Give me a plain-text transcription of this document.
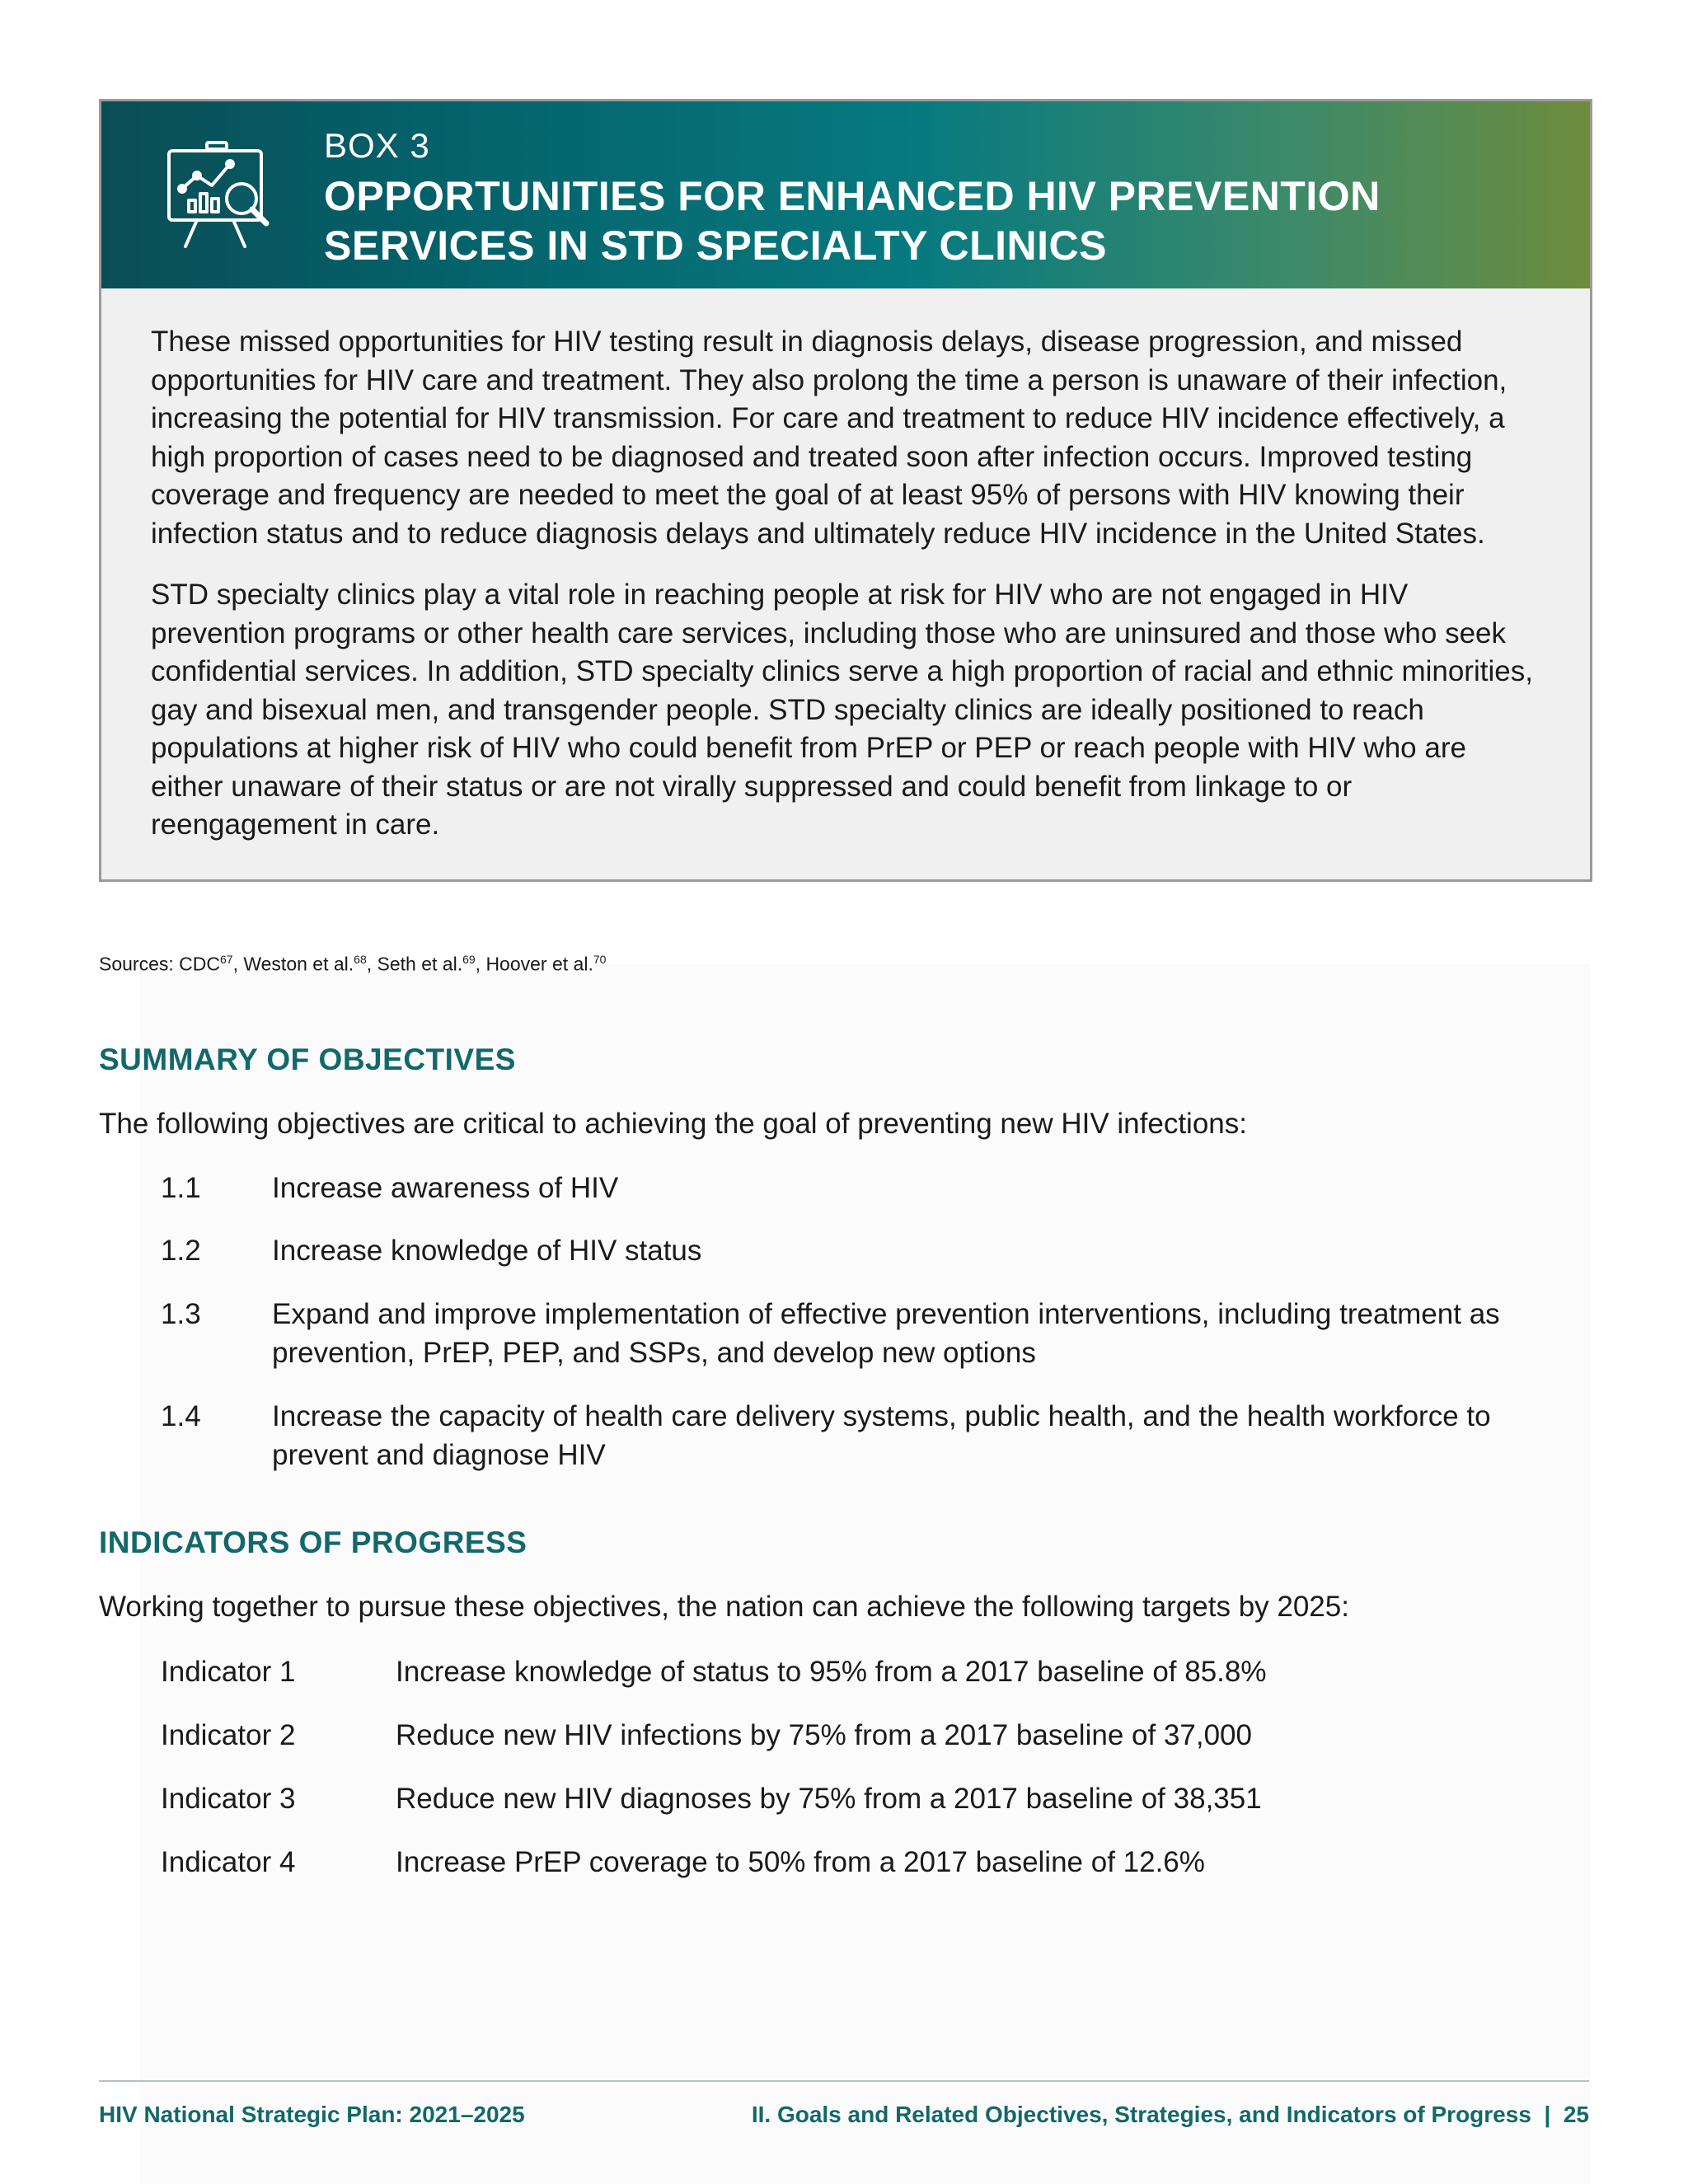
BOX 3
OPPORTUNITIES FOR ENHANCED HIV PREVENTION
SERVICES IN STD SPECIALTY CLINICS

These missed opportunities for HIV testing result in diagnosis delays, disease progression, and missed opportunities for HIV care and treatment. They also prolong the time a person is unaware of their infection, increasing the potential for HIV transmission. For care and treatment to reduce HIV incidence effectively, a high proportion of cases need to be diagnosed and treated soon after infection occurs. Improved testing coverage and frequency are needed to meet the goal of at least 95% of persons with HIV knowing their infection status and to reduce diagnosis delays and ultimately reduce HIV incidence in the United States.

STD specialty clinics play a vital role in reaching people at risk for HIV who are not engaged in HIV prevention programs or other health care services, including those who are uninsured and those who seek confidential services. In addition, STD specialty clinics serve a high proportion of racial and ethnic minorities, gay and bisexual men, and transgender people. STD specialty clinics are ideally positioned to reach populations at higher risk of HIV who could benefit from PrEP or PEP or reach people with HIV who are either unaware of their status or are not virally suppressed and could benefit from linkage to or reengagement in care.

Sources: CDC$^{67}$, Weston et al.$^{68}$, Seth et al.$^{69}$, Hoover et al.$^{70}$
SUMMARY OF OBJECTIVES
The following objectives are critical to achieving the goal of preventing new HIV infections:
1.1 Increase awareness of HIV
1.2 Increase knowledge of HIV status
1.3 Expand and improve implementation of effective prevention interventions, including treatment as prevention, PrEP, PEP, and SSPs, and develop new options
1.4 Increase the capacity of health care delivery systems, public health, and the health workforce to prevent and diagnose HIV
INDICATORS OF PROGRESS
Working together to pursue these objectives, the nation can achieve the following targets by 2025:
Indicator 1	Increase knowledge of status to 95% from a 2017 baseline of 85.8%
Indicator 2	Reduce new HIV infections by 75% from a 2017 baseline of 37,000
Indicator 3	Reduce new HIV diagnoses by 75% from a 2017 baseline of 38,351
Indicator 4	Increase PrEP coverage to 50% from a 2017 baseline of 12.6%
HIV National Strategic Plan: 2021–2025	II. Goals and Related Objectives, Strategies, and Indicators of Progress  |  25
